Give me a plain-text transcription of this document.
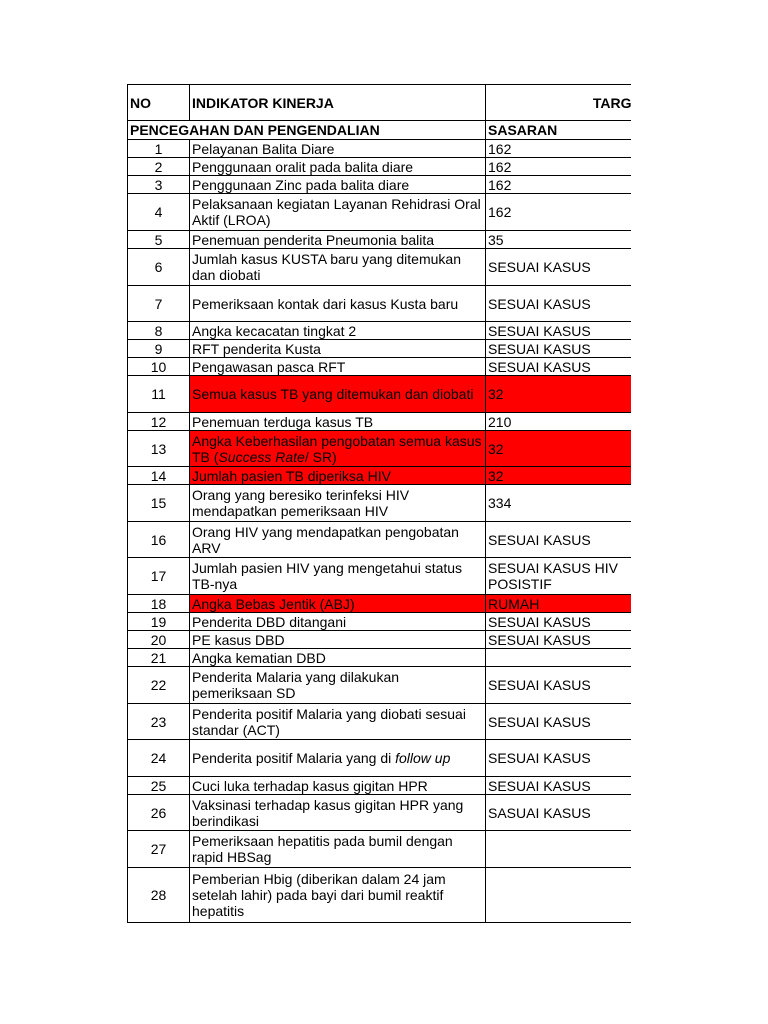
NO	INDIKATOR KINERJA	TARG
PENCEGAHAN DAN PENGENDALIAN		SASARAN
1	Pelayanan Balita Diare	162
2	Penggunaan oralit pada balita diare	162
3	Penggunaan Zinc pada balita diare	162
4	Pelaksanaan kegiatan Layanan Rehidrasi Oral Aktif (LROA)	162
5	Penemuan penderita Pneumonia balita	35
6	Jumlah kasus KUSTA baru yang ditemukan dan diobati	SESUAI KASUS
7	Pemeriksaan kontak dari kasus Kusta baru	SESUAI KASUS
8	Angka kecacatan tingkat 2	SESUAI KASUS
9	RFT penderita Kusta	SESUAI KASUS
10	Pengawasan pasca RFT	SESUAI KASUS
11	Semua kasus TB yang ditemukan dan diobati	32
12	Penemuan terduga kasus TB	210
13	Angka Keberhasilan pengobatan semua kasus TB (Success Rate/ SR)	32
14	Jumlah pasien TB diperiksa HIV	32
15	Orang yang beresiko terinfeksi HIV mendapatkan pemeriksaan HIV	334
16	Orang HIV yang mendapatkan pengobatan ARV	SESUAI KASUS
17	Jumlah pasien HIV yang mengetahui status TB-nya	SESUAI KASUS HIV POSISTIF
18	Angka Bebas Jentik (ABJ)	RUMAH
19	Penderita DBD ditangani	SESUAI KASUS
20	PE kasus DBD	SESUAI KASUS
21	Angka kematian DBD	
22	Penderita Malaria yang dilakukan pemeriksaan SD	SESUAI KASUS
23	Penderita positif Malaria yang diobati sesuai standar (ACT)	SESUAI KASUS
24	Penderita positif Malaria yang di follow up	SESUAI KASUS
25	Cuci luka terhadap kasus gigitan HPR	SESUAI KASUS
26	Vaksinasi terhadap kasus gigitan HPR yang berindikasi	SASUAI KASUS
27	Pemeriksaan hepatitis pada bumil dengan rapid HBSag	
28	Pemberian Hbig (diberikan dalam 24 jam setelah lahir) pada bayi dari bumil reaktif hepatitis	
